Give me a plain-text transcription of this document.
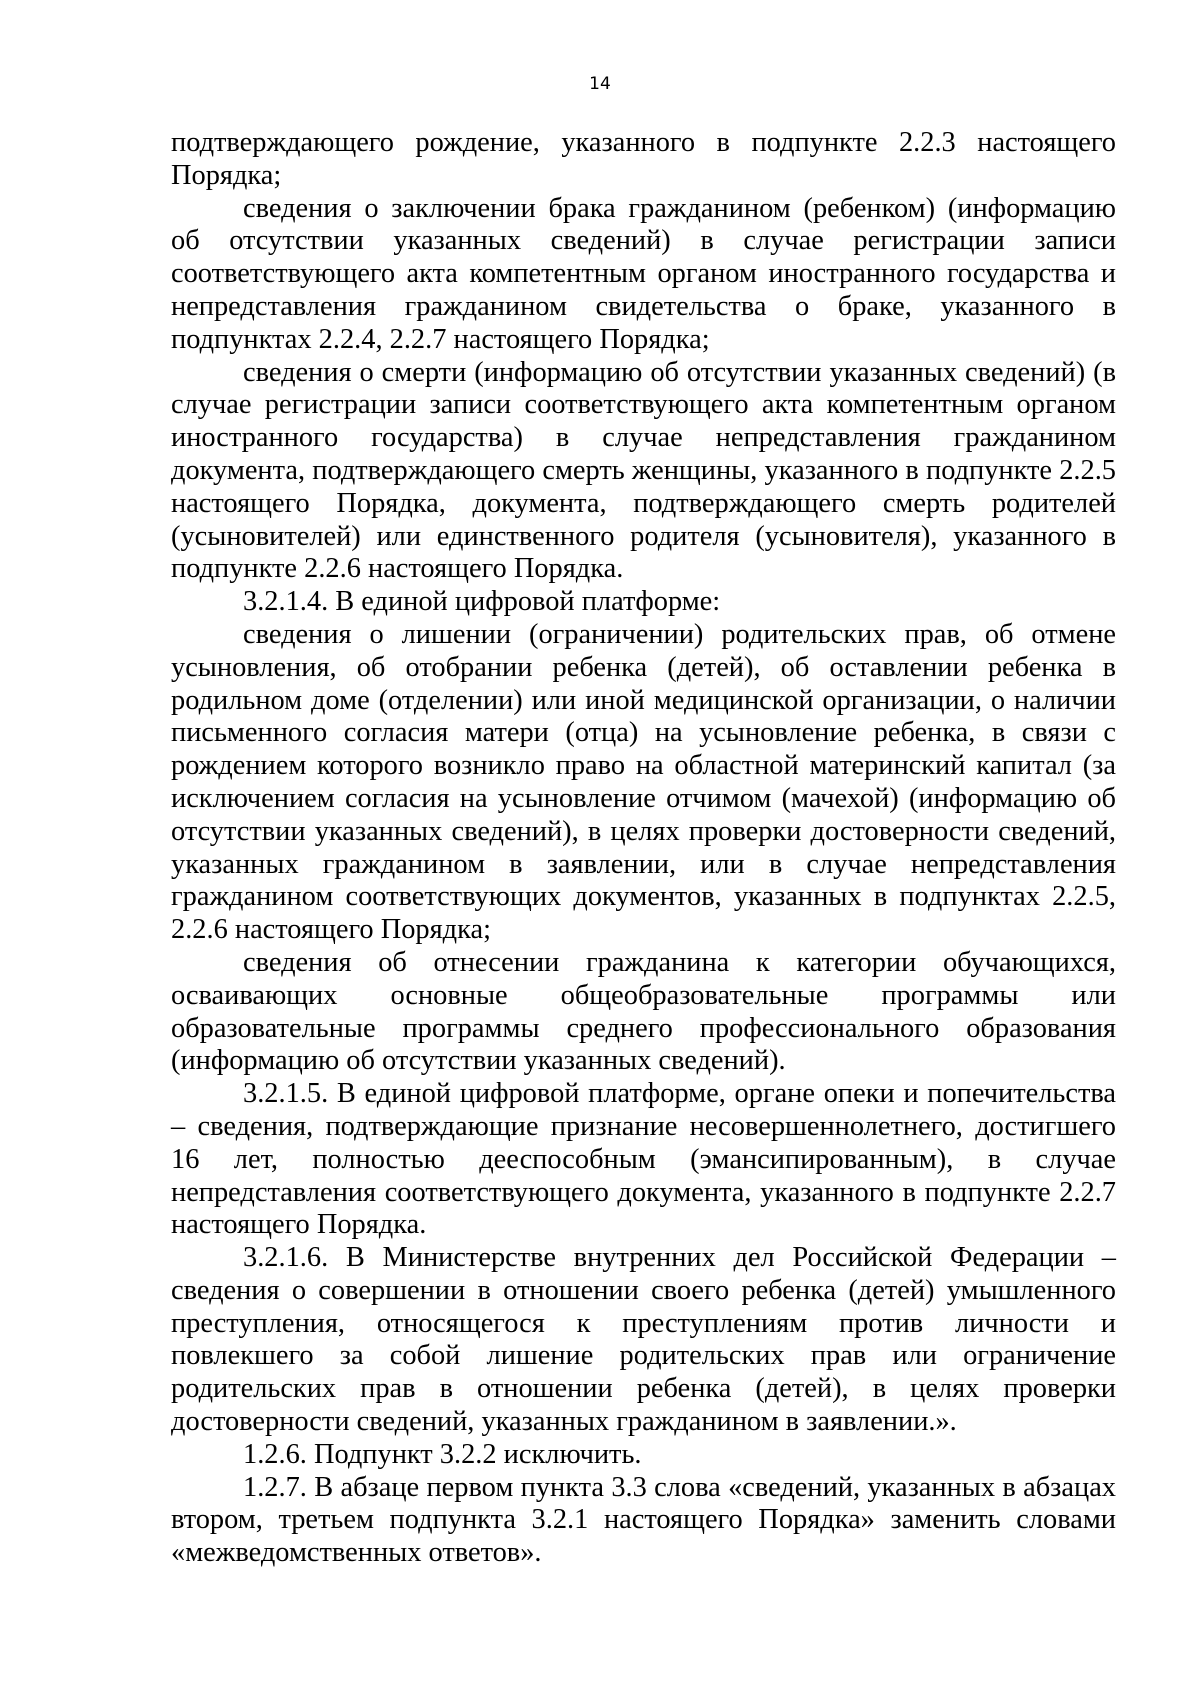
14

подтверждающего рождение, указанного в подпункте 2.2.3 настоящего Порядка;

сведения о заключении брака гражданином (ребенком) (информацию об отсутствии указанных сведений) в случае регистрации записи соответствующего акта компетентным органом иностранного государства и непредставления гражданином свидетельства о браке, указанного в подпунктах 2.2.4, 2.2.7 настоящего Порядка;

сведения о смерти (информацию об отсутствии указанных сведений) (в случае регистрации записи соответствующего акта компетентным органом иностранного государства) в случае непредставления гражданином документа, подтверждающего смерть женщины, указанного в подпункте 2.2.5 настоящего Порядка, документа, подтверждающего смерть родителей (усыновителей) или единственного родителя (усыновителя), указанного в подпункте 2.2.6 настоящего Порядка.

3.2.1.4. В единой цифровой платформе:

сведения о лишении (ограничении) родительских прав, об отмене усыновления, об отобрании ребенка (детей), об оставлении ребенка в родильном доме (отделении) или иной медицинской организации, о наличии письменного согласия матери (отца) на усыновление ребенка, в связи с рождением которого возникло право на областной материнский капитал (за исключением согласия на усыновление отчимом (мачехой) (информацию об отсутствии указанных сведений), в целях проверки достоверности сведений, указанных гражданином в заявлении, или в случае непредставления гражданином соответствующих документов, указанных в подпунктах 2.2.5, 2.2.6 настоящего Порядка;

сведения об отнесении гражданина к категории обучающихся, осваивающих основные общеобразовательные программы или образовательные программы среднего профессионального образования (информацию об отсутствии указанных сведений).

3.2.1.5. В единой цифровой платформе, органе опеки и попечительства – сведения, подтверждающие признание несовершеннолетнего, достигшего 16 лет, полностью дееспособным (эмансипированным), в случае непредставления соответствующего документа, указанного в подпункте 2.2.7 настоящего Порядка.

3.2.1.6. В Министерстве внутренних дел Российской Федерации – сведения о совершении в отношении своего ребенка (детей) умышленного преступления, относящегося к преступлениям против личности и повлекшего за собой лишение родительских прав или ограничение родительских прав в отношении ребенка (детей), в целях проверки достоверности сведений, указанных гражданином в заявлении.».

1.2.6. Подпункт 3.2.2 исключить.

1.2.7. В абзаце первом пункта 3.3 слова «сведений, указанных в абзацах втором, третьем подпункта 3.2.1 настоящего Порядка» заменить словами «межведомственных ответов».
